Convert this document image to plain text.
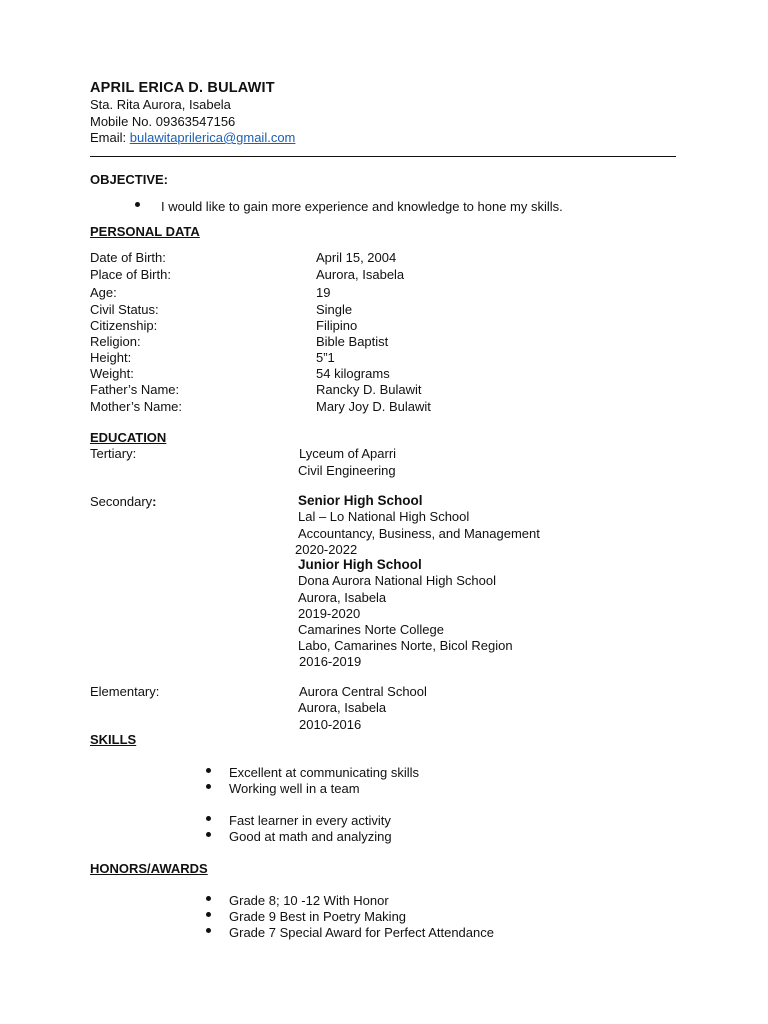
APRIL ERICA D. BULAWIT
Sta. Rita Aurora, Isabela
Mobile No. 09363547156
Email: bulawitaprilerica@gmail.com
OBJECTIVE:
I would like to gain more experience and knowledge to hone my skills.
PERSONAL DATA
Date of Birth:	April 15, 2004
Place of Birth:	Aurora, Isabela
Age:	19
Civil Status:	Single
Citizenship:	Filipino
Religion:	Bible Baptist
Height:	5”1
Weight:	54 kilograms
Father’s Name:	Rancky D. Bulawit
Mother’s Name:	Mary Joy D. Bulawit
EDUCATION
Tertiary:	Lyceum of Aparri
Civil Engineering
Secondary:	Senior High School
Lal – Lo National High School
Accountancy, Business, and Management
2020-2022
Junior High School
Dona Aurora National High School
Aurora, Isabela
2019-2020
Camarines Norte College
Labo, Camarines Norte, Bicol Region
2016-2019
Elementary:	Aurora Central School
Aurora, Isabela
2010-2016
SKILLS
Excellent at communicating skills
Working well in a team
Fast learner in every activity
Good at math and analyzing
HONORS/AWARDS
Grade 8; 10 -12 With Honor
Grade 9 Best in Poetry Making
Grade 7 Special Award for Perfect Attendance
